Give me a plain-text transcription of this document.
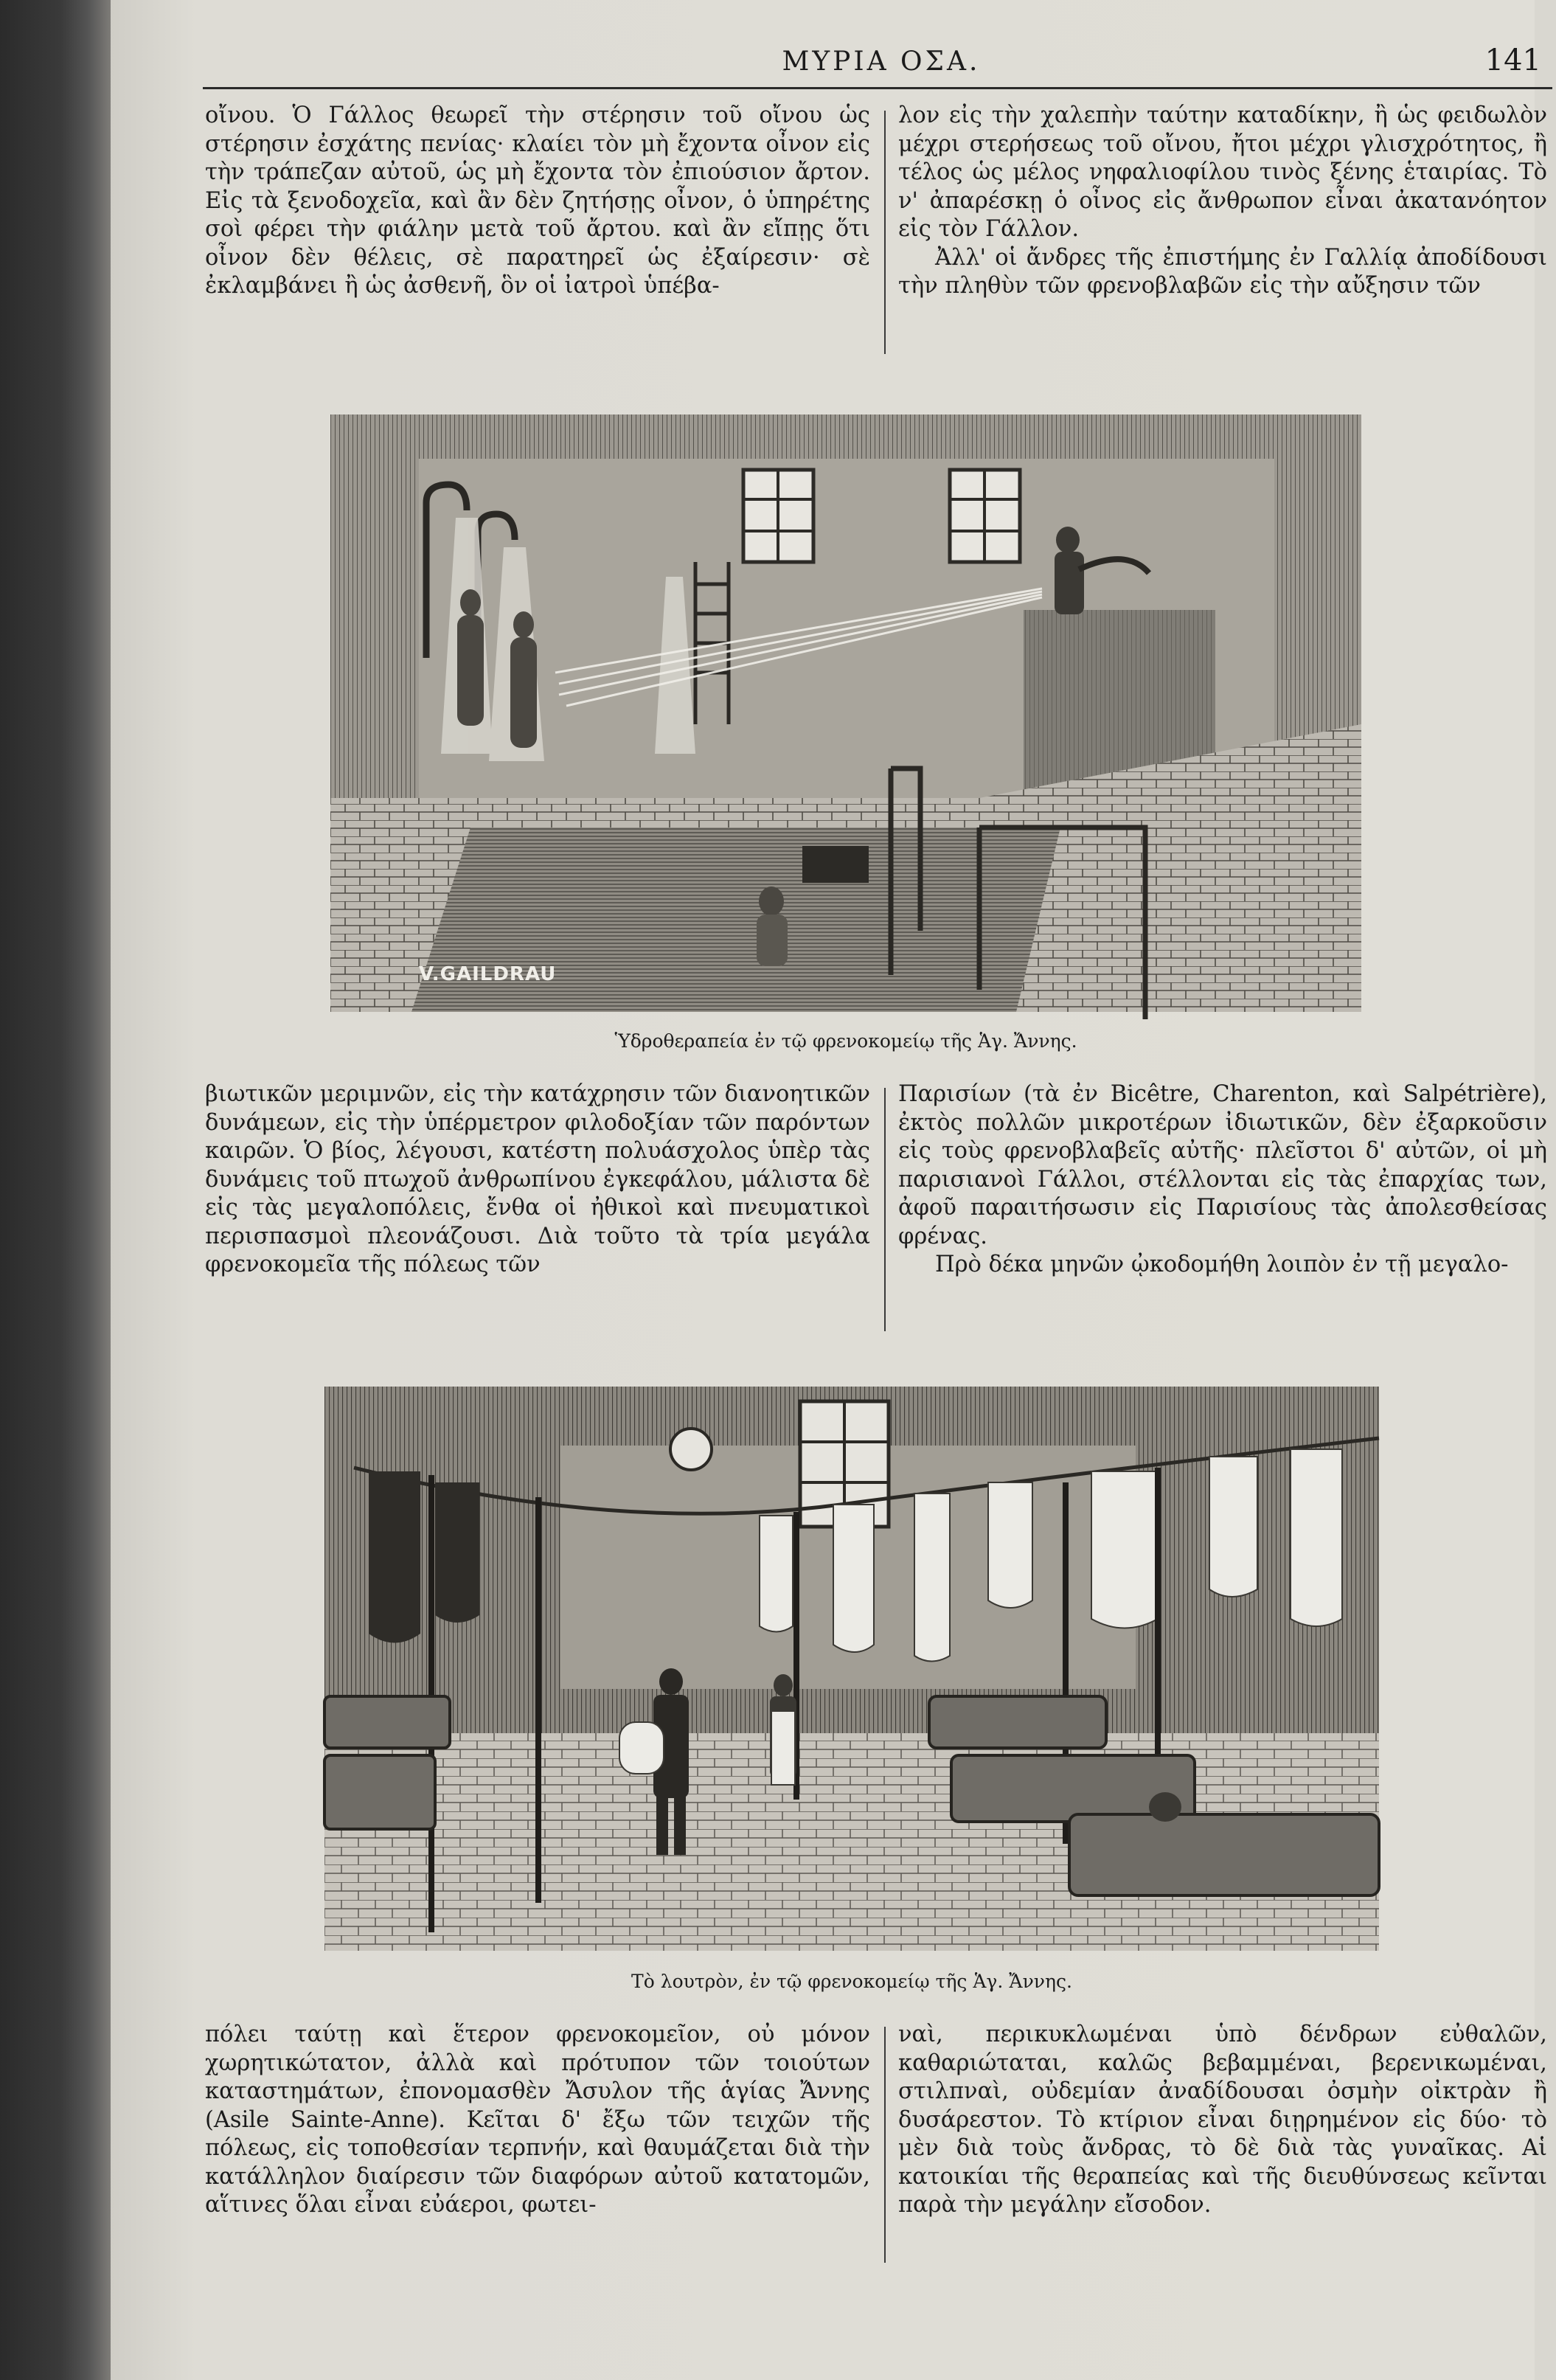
ΜΥΡΙΑ ΟΣΑ.	141

οἴνου. Ὁ Γάλλος θεωρεῖ τὴν στέρησιν τοῦ οἴνου ὡς στέρησιν ἐσχάτης πενίας· κλαίει τὸν μὴ ἔχοντα οἶνον εἰς τὴν τράπεζαν αὐτοῦ, ὡς μὴ ἔχοντα τὸν ἐπιούσιον ἄρτον. Εἰς τὰ ξενοδοχεῖα, καὶ ἂν δὲν ζητήσῃς οἶνον, ὁ ὑπηρέτης σοὶ φέρει τὴν φιάλην μετὰ τοῦ ἄρτου. καὶ ἂν εἴπῃς ὅτι οἶνον δὲν θέλεις, σὲ παρατηρεῖ ὡς ἐξαίρεσιν· σὲ ἐκλαμβάνει ἢ ὡς ἀσθενῆ, ὃν οἱ ἰατροὶ ὑπέβα-

λον εἰς τὴν χαλεπὴν ταύτην καταδίκην, ἢ ὡς φειδωλὸν μέχρι στερήσεως τοῦ οἴνου, ἤτοι μέχρι γλισχρότητος, ἢ τέλος ὡς μέλος νηφαλιοφίλου τινὸς ξένης ἑταιρίας. Τὸ ν' ἀπαρέσκῃ ὁ οἶνος εἰς ἄνθρωπον εἶναι ἀκατανόητον εἰς τὸν Γάλλον.

Ἀλλ' οἱ ἄνδρες τῆς ἐπιστήμης ἐν Γαλλίᾳ ἀποδίδουσι τὴν πληθὺν τῶν φρενοβλαβῶν εἰς τὴν αὔξησιν τῶν

V.GAILDRAU
Ὑδροθεραπεία ἐν τῷ φρενοκομείῳ τῆς Ἁγ. Ἄννης.

βιωτικῶν μεριμνῶν, εἰς τὴν κατάχρησιν τῶν διανοητικῶν δυνάμεων, εἰς τὴν ὑπέρμετρον φιλοδοξίαν τῶν παρόντων καιρῶν. Ὁ βίος, λέγουσι, κατέστη πολυάσχολος ὑπὲρ τὰς δυνάμεις τοῦ πτωχοῦ ἀνθρωπίνου ἐγκεφάλου, μάλιστα δὲ εἰς τὰς μεγαλοπόλεις, ἔνθα οἱ ἠθικοὶ καὶ πνευματικοὶ περισπασμοὶ πλεονάζουσι. Διὰ τοῦτο τὰ τρία μεγάλα φρενοκομεῖα τῆς πόλεως τῶν

Παρισίων (τὰ ἐν Bicêtre, Charenton, καὶ Salpétrière), ἐκτὸς πολλῶν μικροτέρων ἰδιωτικῶν, δὲν ἐξαρκοῦσιν εἰς τοὺς φρενοβλαβεῖς αὐτῆς· πλεῖστοι δ' αὐτῶν, οἱ μὴ παρισιανοὶ Γάλλοι, στέλλονται εἰς τὰς ἐπαρχίας των, ἀφοῦ παραιτήσωσιν εἰς Παρισίους τὰς ἀπολεσθείσας φρένας.

Πρὸ δέκα μηνῶν ᾠκοδομήθη λοιπὸν ἐν τῇ μεγαλο-

Τὸ λουτρὸν, ἐν τῷ φρενοκομείῳ τῆς Ἁγ. Ἄννης.

πόλει ταύτῃ καὶ ἕτερον φρενοκομεῖον, οὐ μόνον χωρητικώτατον, ἀλλὰ καὶ πρότυπον τῶν τοιούτων καταστημάτων, ἐπονομασθὲν Ἄσυλον τῆς ἁγίας Ἄννης (Asile Sainte-Anne). Κεῖται δ' ἔξω τῶν τειχῶν τῆς πόλεως, εἰς τοποθεσίαν τερπνήν, καὶ θαυμάζεται διὰ τὴν κατάλληλον διαίρεσιν τῶν διαφόρων αὐτοῦ κατατομῶν, αἵτινες ὅλαι εἶναι εὐάεροι, φωτει-

ναὶ, περικυκλωμέναι ὑπὸ δένδρων εὐθαλῶν, καθαριώταται, καλῶς βεβαμμέναι, βερενικωμέναι, στιλπναὶ, οὐδεμίαν ἀναδίδουσαι ὀσμὴν οἰκτρὰν ἢ δυσάρεστον. Τὸ κτίριον εἶναι διῃρημένον εἰς δύο· τὸ μὲν διὰ τοὺς ἄνδρας, τὸ δὲ διὰ τὰς γυναῖκας. Αἱ κατοικίαι τῆς θεραπείας καὶ τῆς διευθύνσεως κεῖνται παρὰ τὴν μεγάλην εἴσοδον.
